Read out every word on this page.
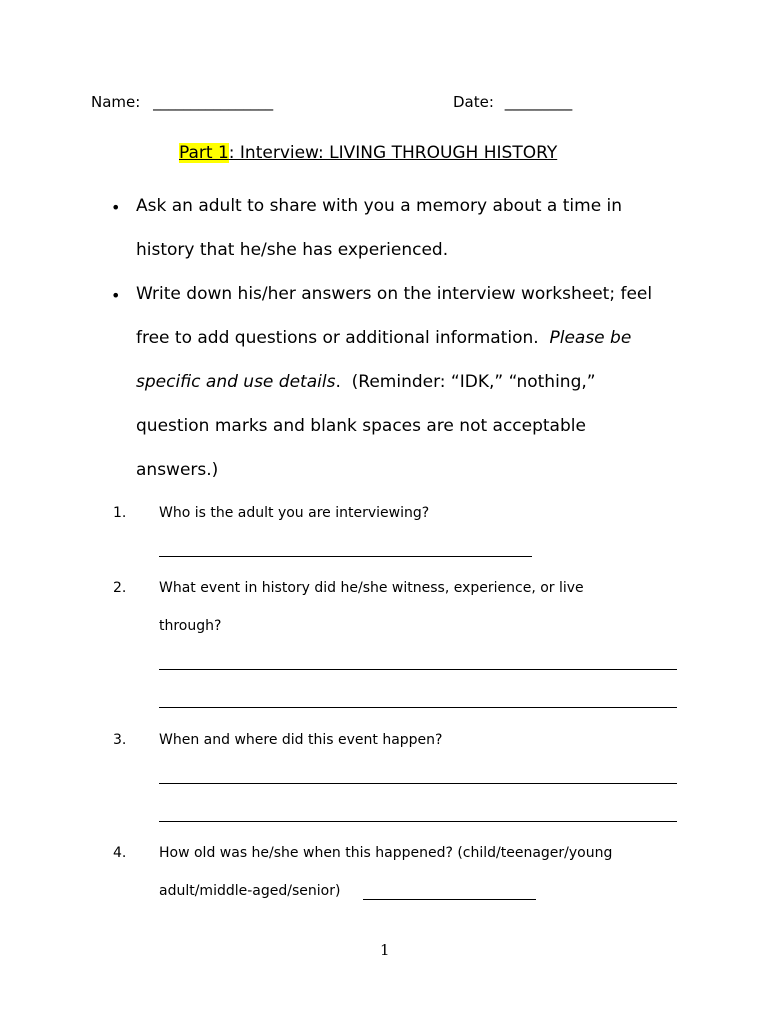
Name: ________________	Date: _________
Part 1: Interview: LIVING THROUGH HISTORY
• Ask an adult to share with you a memory about a time in
history that he/she has experienced.
• Write down his/her answers on the interview worksheet; feel
free to add questions or additional information.  Please be
specific and use details.  (Reminder: “IDK,” “nothing,”
question marks and blank spaces are not acceptable
answers.)
1. Who is the adult you are interviewing?
2. What event in history did he/she witness, experience, or live
through?
3. When and where did this event happen?
4. How old was he/she when this happened? (child/teenager/young
adult/middle-aged/senior)
1
